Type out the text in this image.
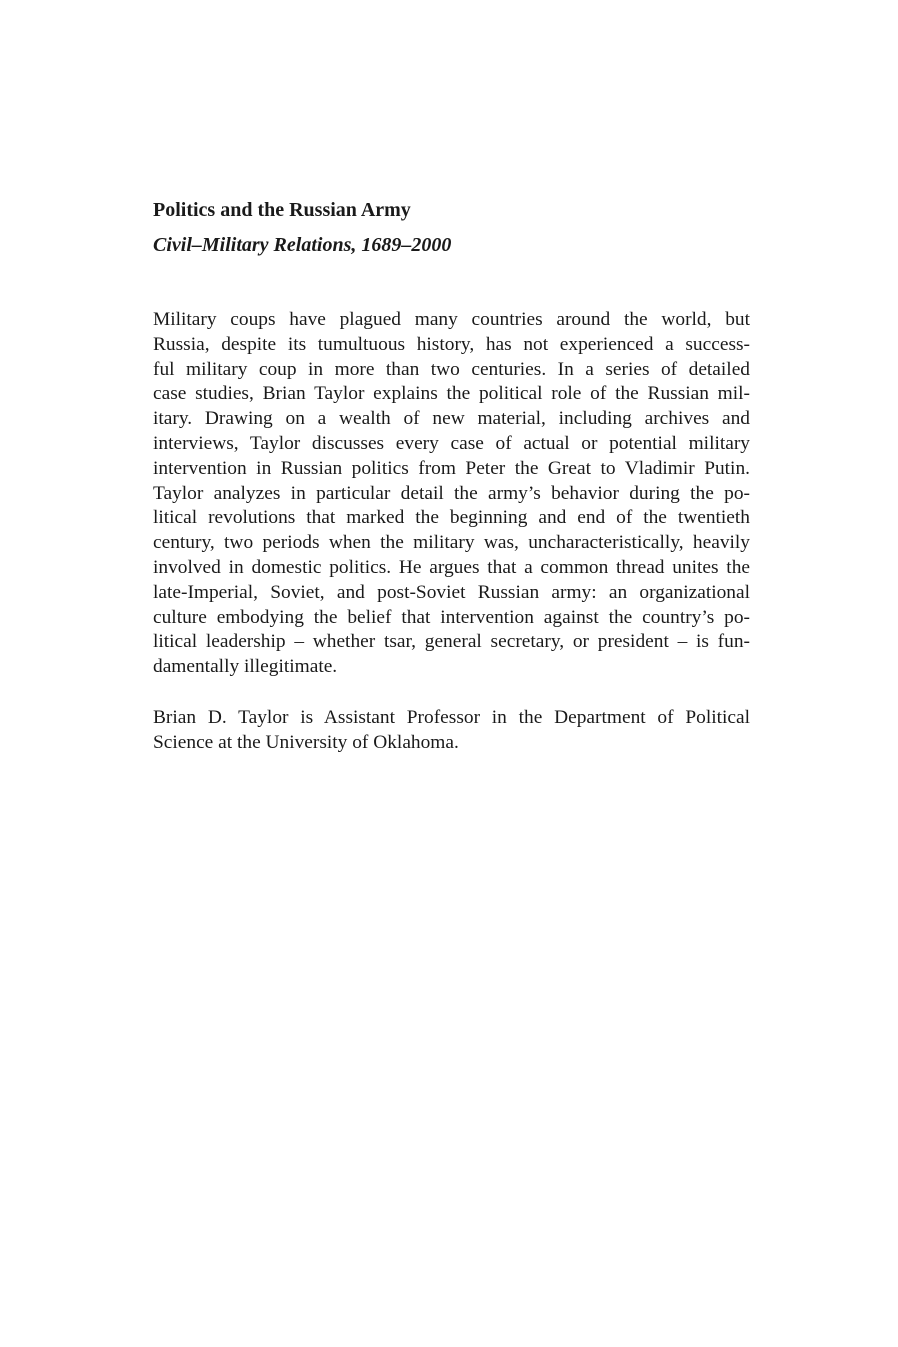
Politics and the Russian Army
Civil–Military Relations, 1689–2000
Military coups have plagued many countries around the world, but
Russia, despite its tumultuous history, has not experienced a success-
ful military coup in more than two centuries. In a series of detailed
case studies, Brian Taylor explains the political role of the Russian mil-
itary. Drawing on a wealth of new material, including archives and
interviews, Taylor discusses every case of actual or potential military
intervention in Russian politics from Peter the Great to Vladimir Putin.
Taylor analyzes in particular detail the army’s behavior during the po-
litical revolutions that marked the beginning and end of the twentieth
century, two periods when the military was, uncharacteristically, heavily
involved in domestic politics. He argues that a common thread unites the
late-Imperial, Soviet, and post-Soviet Russian army: an organizational
culture embodying the belief that intervention against the country’s po-
litical leadership – whether tsar, general secretary, or president – is fun-
damentally illegitimate.
Brian D. Taylor is Assistant Professor in the Department of Political
Science at the University of Oklahoma.
